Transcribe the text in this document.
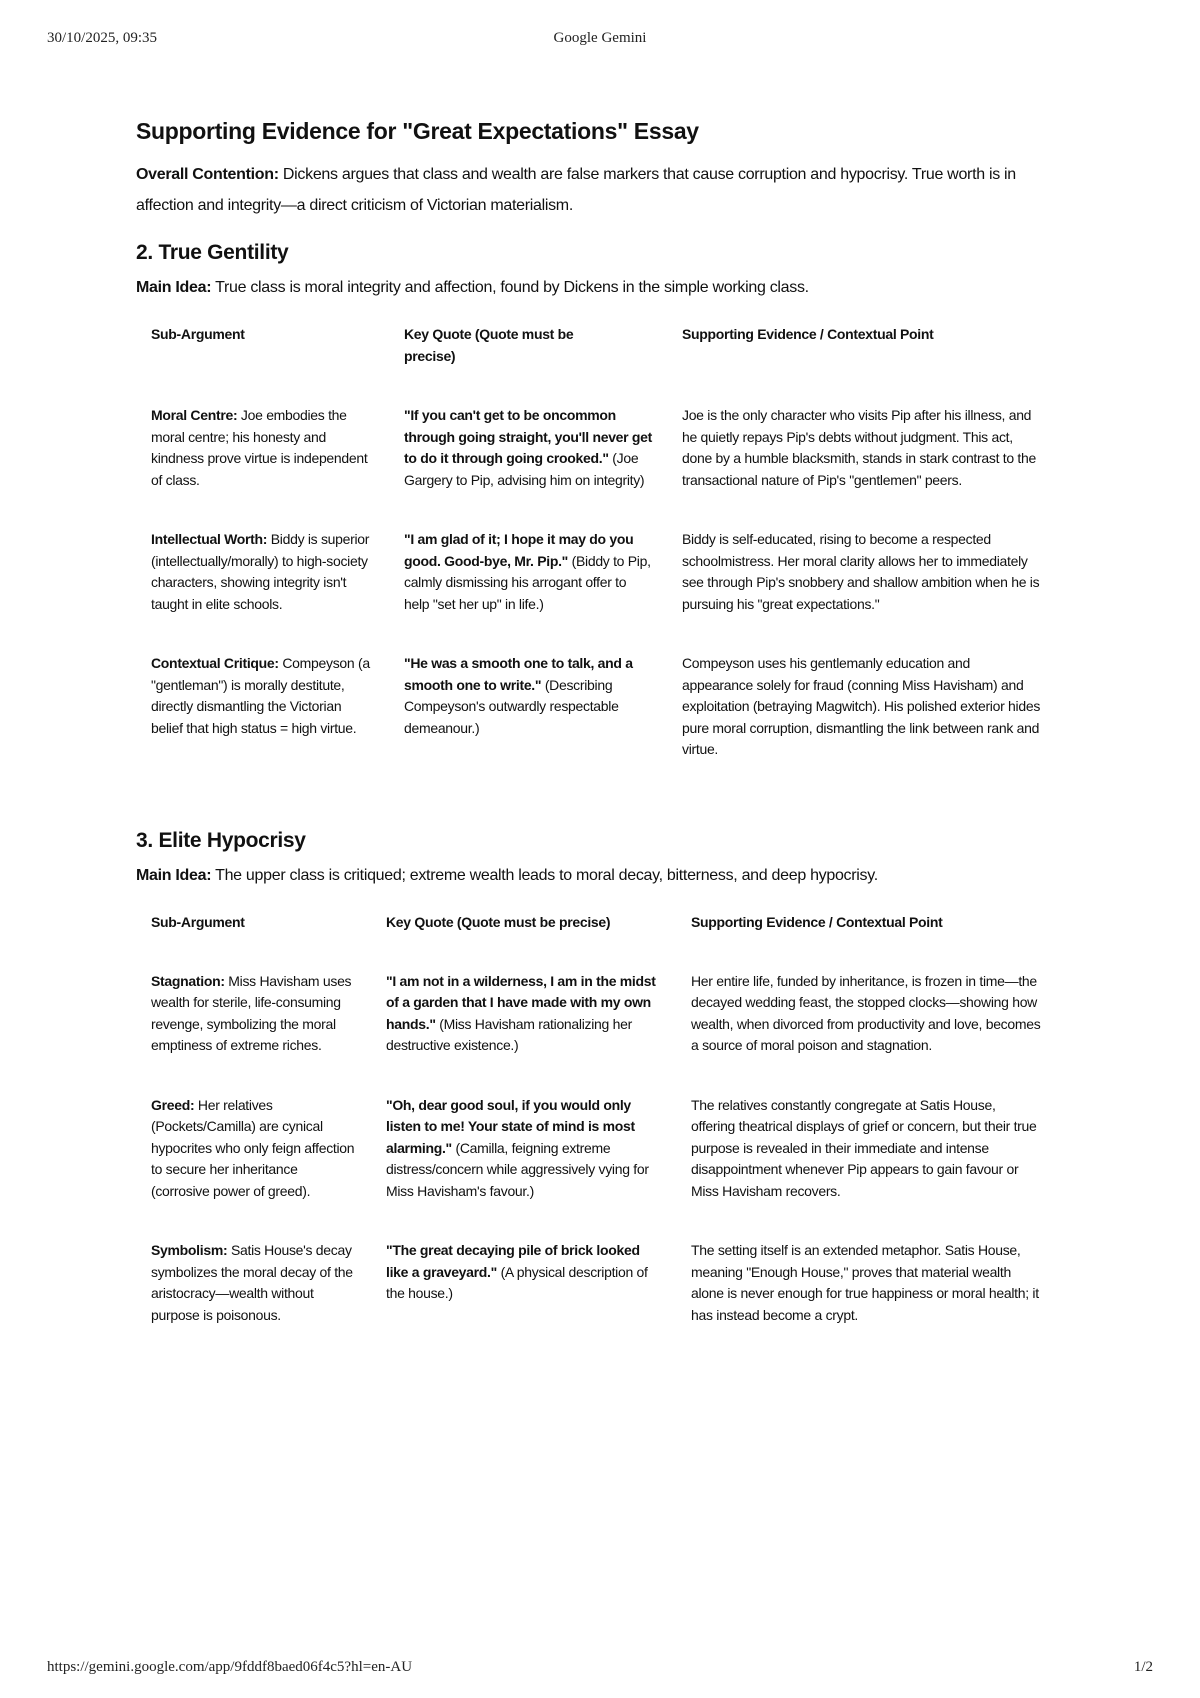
30/10/2025, 09:35	Google Gemini
Supporting Evidence for "Great Expectations" Essay

Overall Contention: Dickens argues that class and wealth are false markers that cause corruption and hypocrisy. True worth is in affection and integrity—a direct criticism of Victorian materialism.

2. True Gentility

Main Idea: True class is moral integrity and affection, found by Dickens in the simple working class.

Sub-Argument	Key Quote (Quote must be precise)	Supporting Evidence / Contextual Point
Moral Centre: Joe embodies the moral centre; his honesty and kindness prove virtue is independent of class.	"If you can't get to be oncommon through going straight, you'll never get to do it through going crooked." (Joe Gargery to Pip, advising him on integrity)	Joe is the only character who visits Pip after his illness, and he quietly repays Pip's debts without judgment. This act, done by a humble blacksmith, stands in stark contrast to the transactional nature of Pip's "gentlemen" peers.
Intellectual Worth: Biddy is superior (intellectually/morally) to high-society characters, showing integrity isn't taught in elite schools.	"I am glad of it; I hope it may do you good. Good-bye, Mr. Pip." (Biddy to Pip, calmly dismissing his arrogant offer to help "set her up" in life.)	Biddy is self-educated, rising to become a respected schoolmistress. Her moral clarity allows her to immediately see through Pip's snobbery and shallow ambition when he is pursuing his "great expectations."
Contextual Critique: Compeyson (a "gentleman") is morally destitute, directly dismantling the Victorian belief that high status = high virtue.	"He was a smooth one to talk, and a smooth one to write." (Describing Compeyson's outwardly respectable demeanour.)	Compeyson uses his gentlemanly education and appearance solely for fraud (conning Miss Havisham) and exploitation (betraying Magwitch). His polished exterior hides pure moral corruption, dismantling the link between rank and virtue.
3. Elite Hypocrisy

Main Idea: The upper class is critiqued; extreme wealth leads to moral decay, bitterness, and deep hypocrisy.

Sub-Argument	Key Quote (Quote must be precise)	Supporting Evidence / Contextual Point
Stagnation: Miss Havisham uses wealth for sterile, life-consuming revenge, symbolizing the moral emptiness of extreme riches.	"I am not in a wilderness, I am in the midst of a garden that I have made with my own hands." (Miss Havisham rationalizing her destructive existence.)	Her entire life, funded by inheritance, is frozen in time—the decayed wedding feast, the stopped clocks—showing how wealth, when divorced from productivity and love, becomes a source of moral poison and stagnation.
Greed: Her relatives (Pockets/Camilla) are cynical hypocrites who only feign affection to secure her inheritance (corrosive power of greed).	"Oh, dear good soul, if you would only listen to me! Your state of mind is most alarming." (Camilla, feigning extreme distress/concern while aggressively vying for Miss Havisham's favour.)	The relatives constantly congregate at Satis House, offering theatrical displays of grief or concern, but their true purpose is revealed in their immediate and intense disappointment whenever Pip appears to gain favour or Miss Havisham recovers.
Symbolism: Satis House's decay symbolizes the moral decay of the aristocracy—wealth without purpose is poisonous.	"The great decaying pile of brick looked like a graveyard." (A physical description of the house.)	The setting itself is an extended metaphor. Satis House, meaning "Enough House," proves that material wealth alone is never enough for true happiness or moral health; it has instead become a crypt.
https://gemini.google.com/app/9fddf8baed06f4c5?hl=en-AU	1/2
